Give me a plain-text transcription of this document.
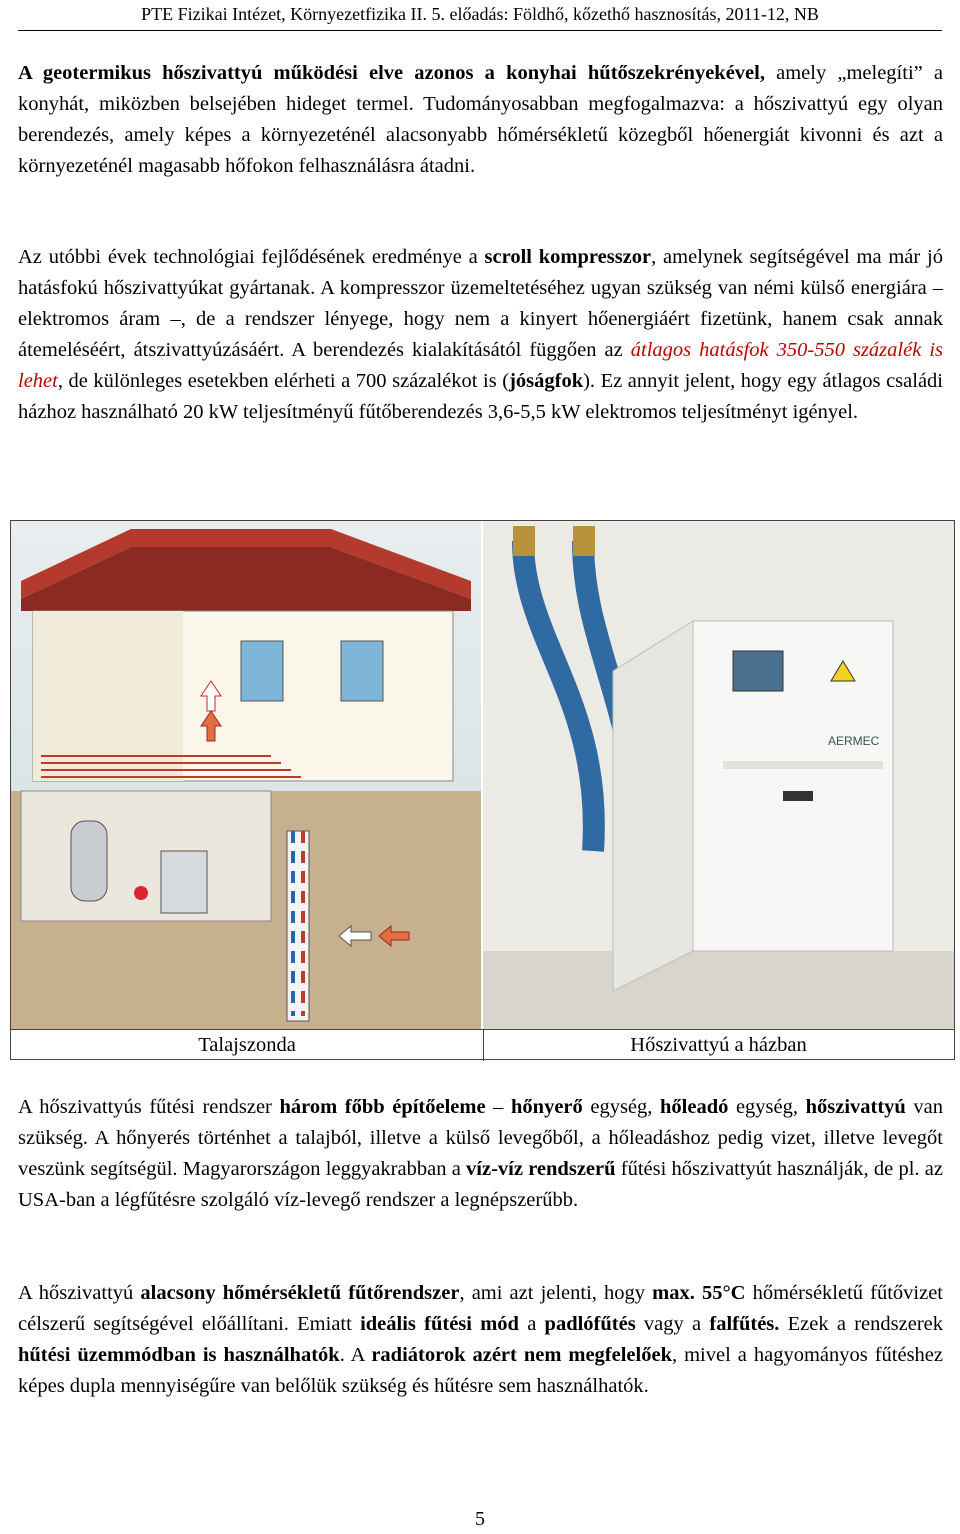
PTE Fizikai Intézet, Környezetfizika II. 5. előadás: Földhő, kőzethő hasznosítás, 2011-12, NB

A geotermikus hőszivattyú működési elve azonos a konyhai hűtőszekrényekével, amely „melegíti” a konyhát, miközben belsejében hideget termel. Tudományosabban megfogalmazva: a hőszivattyú egy olyan berendezés, amely képes a környezeténél alacsonyabb hőmérsékletű közegből hőenergiát kivonni és azt a környezeténél magasabb hőfokon felhasználásra átadni.

Az utóbbi évek technológiai fejlődésének eredménye a scroll kompresszor, amelynek segítségével ma már jó hatásfokú hőszivattyúkat gyártanak. A kompresszor üzemeltetéséhez ugyan szükség van némi külső energiára – elektromos áram –, de a rendszer lényege, hogy nem a kinyert hőenergiáért fizetünk, hanem csak annak átemeléséért, átszivattyúzásáért. A berendezés kialakításától függően az átlagos hatásfok 350-550 százalék is lehet, de különleges esetekben elérheti a 700 százalékot is (jóságfok). Ez annyit jelent, hogy egy átlagos családi házhoz használható 20 kW teljesítményű fűtőberendezés 3,6-5,5 kW elektromos teljesítményt igényel.

AERMEC
Talajszonda	Hőszivattyú a házban

A hőszivattyús fűtési rendszer három főbb építőeleme – hőnyerő egység, hőleadó egység, hőszivattyú van szükség. A hőnyerés történhet a talajból, illetve a külső levegőből, a hőleadáshoz pedig vizet, illetve levegőt veszünk segítségül. Magyarországon leggyakrabban a víz-víz rendszerű fűtési hőszivattyút használják, de pl. az USA-ban a légfűtésre szolgáló víz-levegő rendszer a legnépszerűbb.

A hőszivattyú alacsony hőmérsékletű fűtőrendszer, ami azt jelenti, hogy max. 55°C hőmérsékletű fűtővizet célszerű segítségével előállítani. Emiatt ideális fűtési mód a padlófűtés vagy a falfűtés. Ezek a rendszerek hűtési üzemmódban is használhatók. A radiátorok azért nem megfelelőek, mivel a hagyományos fűtéshez képes dupla mennyiségűre van belőlük szükség és hűtésre sem használhatók.

5
